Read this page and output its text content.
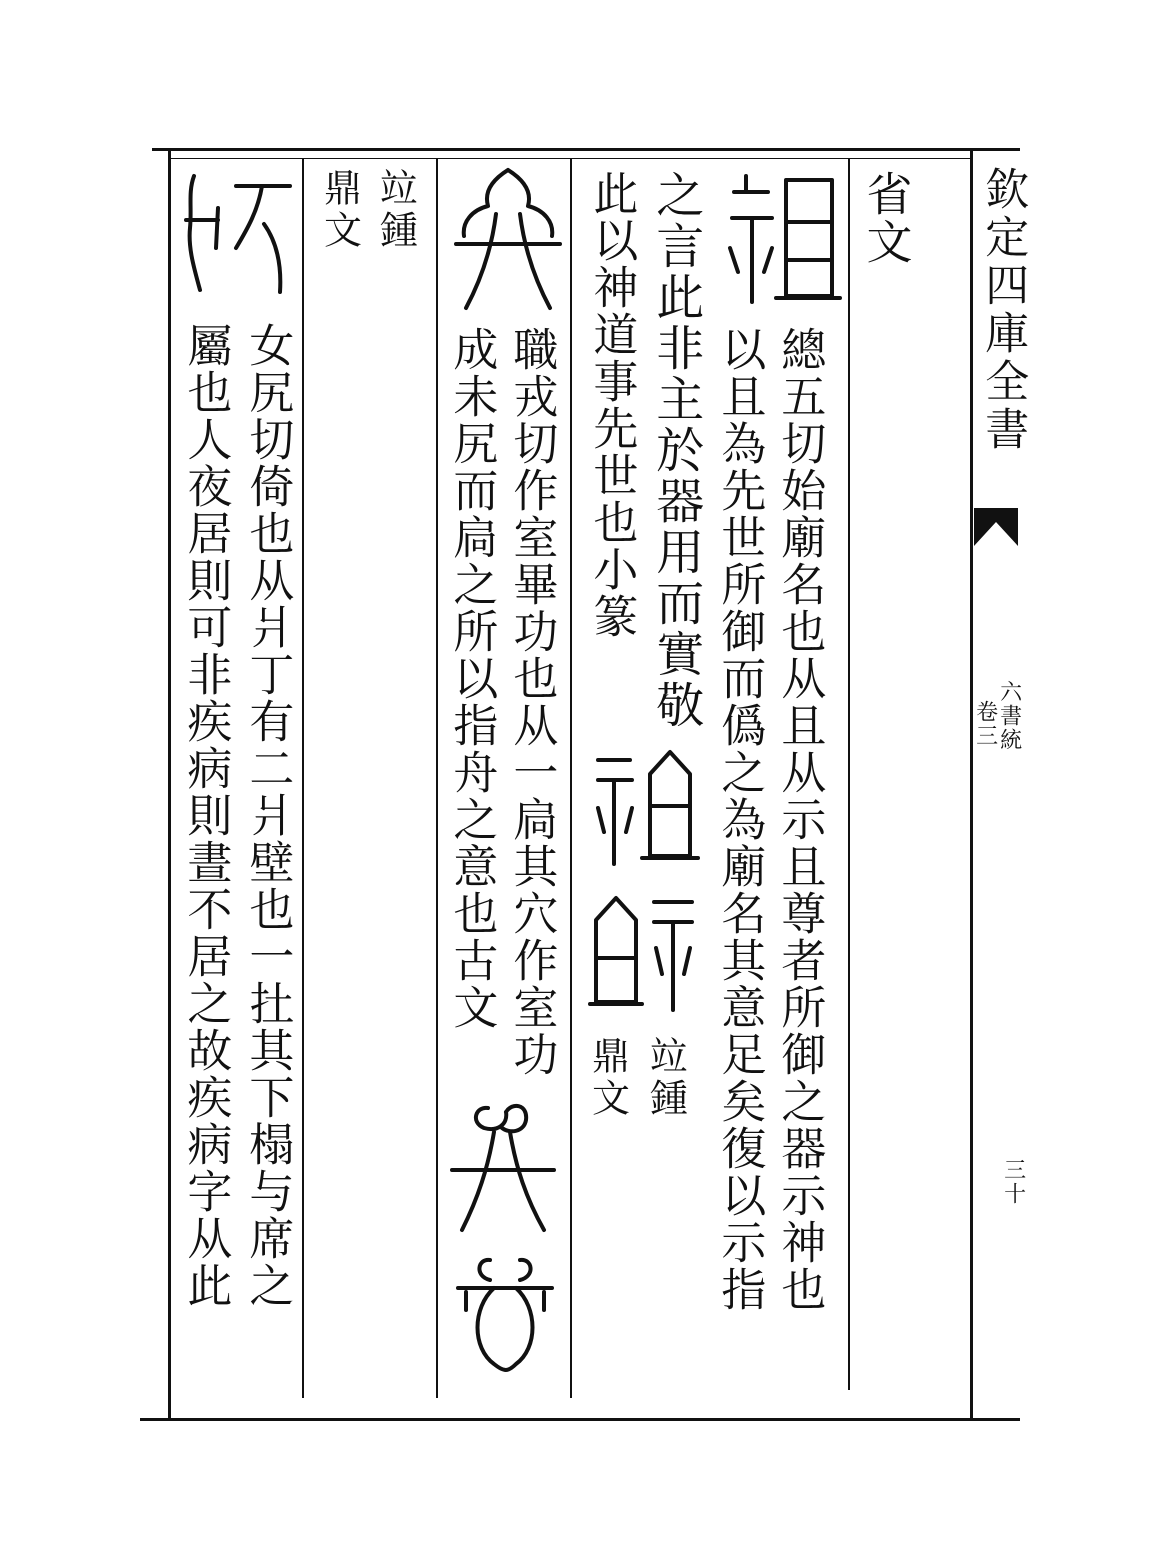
欽定四庫全書
六書統
卷三
三十
省文
總五切始廟名也从且从示且尊者所御之器示神也
以且為先世所御而僞之為廟名其意足矣復以示指
之言此非主於器用而實敬
此以神道事先世也小篆
竝鍾
鼎文
職戎切作室畢功也从一扃其穴作室功
成未尻而扃之所以指舟之意也古文
竝鍾
鼎文
女尻切倚也从爿丁有二爿壁也一扗其下榻与席之
屬也人夜居則可非疾病則晝不居之故疾病字从此
